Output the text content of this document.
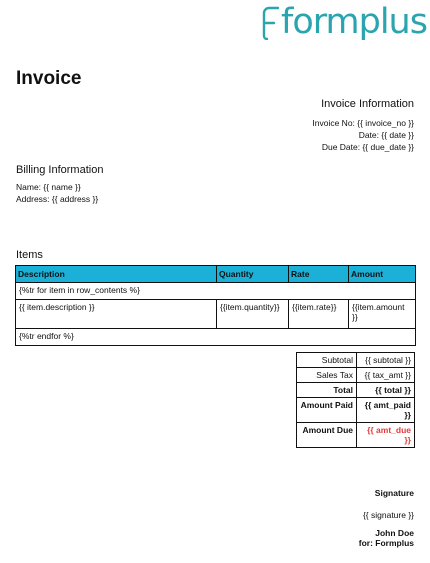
formplus
Invoice
Invoice Information
Invoice No: {{ invoice_no }}
Date: {{ date }}
Due Date: {{ due_date }}
Billing Information
Name: {{ name }}
Address: {{ address }}
Items
Description	Quantity	Rate	Amount
{%tr for item in row_contents %}			
{{ item.description }}	{{item.quantity}}	{{item.rate}}	{{item.amount }}
{%tr endfor %}			
Subtotal	{{ subtotal }}
Sales Tax	{{ tax_amt }}
Total	{{ total }}
Amount Paid	{{ amt_paid }}
Amount Due	{{ amt_due }}
Signature
{{ signature }}
John Doe
for: Formplus
